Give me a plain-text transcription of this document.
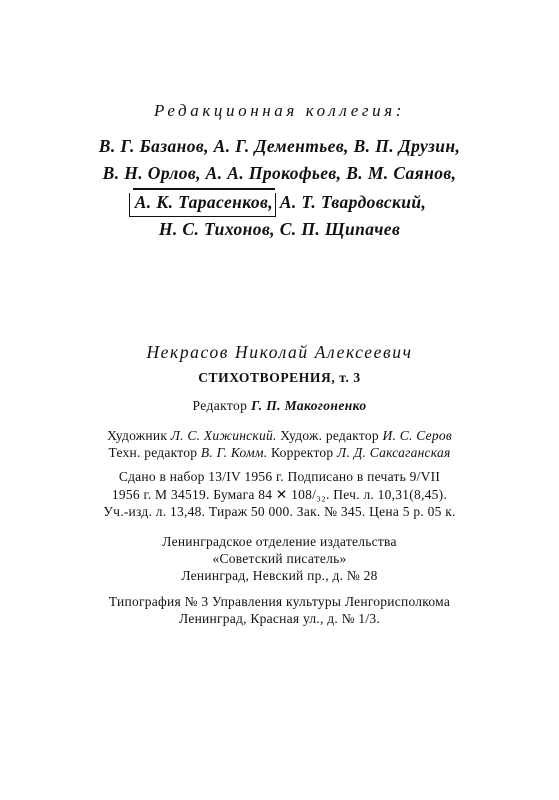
Редакционная коллегия:
В. Г. Базанов, А. Г. Дементьев, В. П. Друзин,
В. Н. Орлов, А. А. Прокофьев, В. М. Саянов,
А. К. Тарасенков, А. Т. Твардовский,
Н. С. Тихонов, С. П. Щипачев
Некрасов Николай Алексеевич
СТИХОТВОРЕНИЯ, т. 3
Редактор Г. П. Макогоненко
Художник Л. С. Хижинский. Худож. редактор И. С. Серов
Техн. редактор В. Г. Комм. Корректор Л. Д. Саксаганская
Сдано в набор 13/IV 1956 г. Подписано в печать 9/VII
1956 г. М 34519. Бумага 84 ✕ 108/₃₂. Печ. л. 10,31(8,45).
Уч.-изд. л. 13,48. Тираж 50 000. Зак. № 345. Цена 5 р. 05 к.
Ленинградское отделение издательства
«Советский писатель»
Ленинград, Невский пр., д. № 28
Типография № 3 Управления культуры Ленгорисполкома
Ленинград, Красная ул., д. № 1/3.
